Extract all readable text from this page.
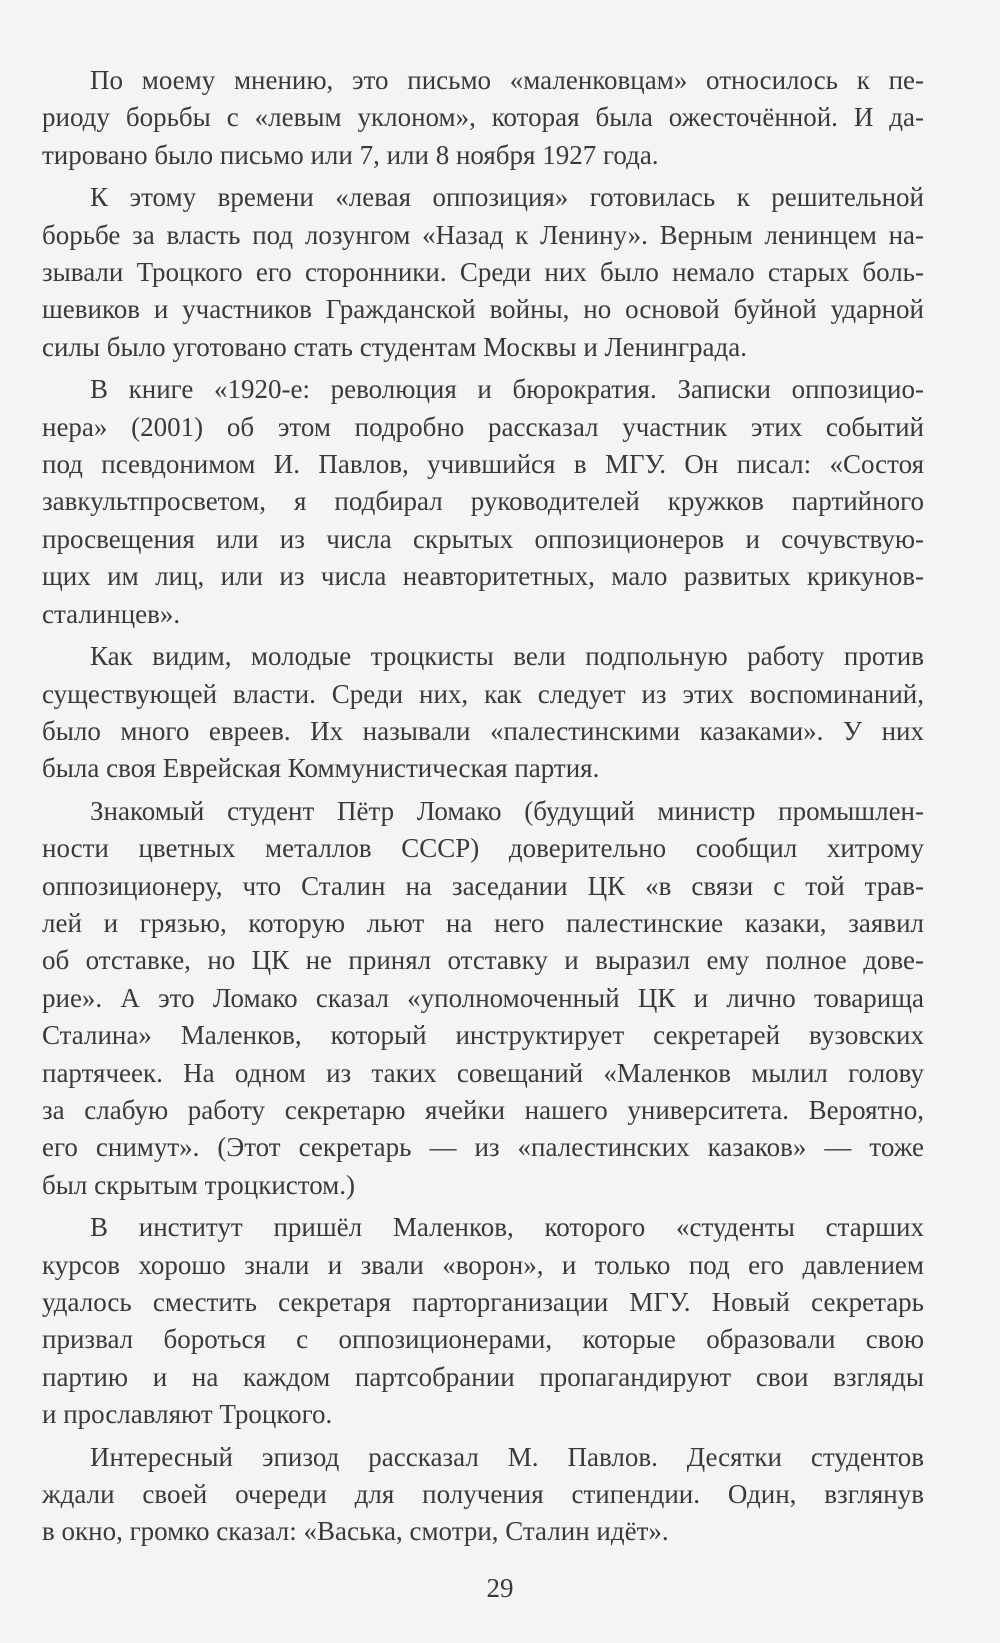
По моему мнению, это письмо «маленковцам» относилось к пе-
риоду борьбы с «левым уклоном», которая была ожесточённой. И да-
тировано было письмо или 7, или 8 ноября 1927 года.
К этому времени «левая оппозиция» готовилась к решительной
борьбе за власть под лозунгом «Назад к Ленину». Верным ленинцем на-
зывали Троцкого его сторонники. Среди них было немало старых боль-
шевиков и участников Гражданской войны, но основой буйной ударной
силы было уготовано стать студентам Москвы и Ленинграда.
В книге «1920-е: революция и бюрократия. Записки оппозицио-
нера» (2001) об этом подробно рассказал участник этих событий
под псевдонимом И. Павлов, учившийся в МГУ. Он писал: «Состоя
завкультпросветом, я подбирал руководителей кружков партийного
просвещения или из числа скрытых оппозиционеров и сочувствую-
щих им лиц, или из числа неавторитетных, мало развитых крикунов-
сталинцев».
Как видим, молодые троцкисты вели подпольную работу против
существующей власти. Среди них, как следует из этих воспоминаний,
было много евреев. Их называли «палестинскими казаками». У них
была своя Еврейская Коммунистическая партия.
Знакомый студент Пётр Ломако (будущий министр промышлен-
ности цветных металлов СССР) доверительно сообщил хитрому
оппозиционеру, что Сталин на заседании ЦК «в связи с той трав-
лей и грязью, которую льют на него палестинские казаки, заявил
об отставке, но ЦК не принял отставку и выразил ему полное дове-
рие». А это Ломако сказал «уполномоченный ЦК и лично товарища
Сталина» Маленков, который инструктирует секретарей вузовских
партячеек. На одном из таких совещаний «Маленков мылил голову
за слабую работу секретарю ячейки нашего университета. Вероятно,
его снимут». (Этот секретарь — из «палестинских казаков» — тоже
был скрытым троцкистом.)
В институт пришёл Маленков, которого «студенты старших
курсов хорошо знали и звали «ворон», и только под его давлением
удалось сместить секретаря парторганизации МГУ. Новый секретарь
призвал бороться с оппозиционерами, которые образовали свою
партию и на каждом партсобрании пропагандируют свои взгляды
и прославляют Троцкого.
Интересный эпизод рассказал М. Павлов. Десятки студентов
ждали своей очереди для получения стипендии. Один, взглянув
в окно, громко сказал: «Васька, смотри, Сталин идёт».
29
